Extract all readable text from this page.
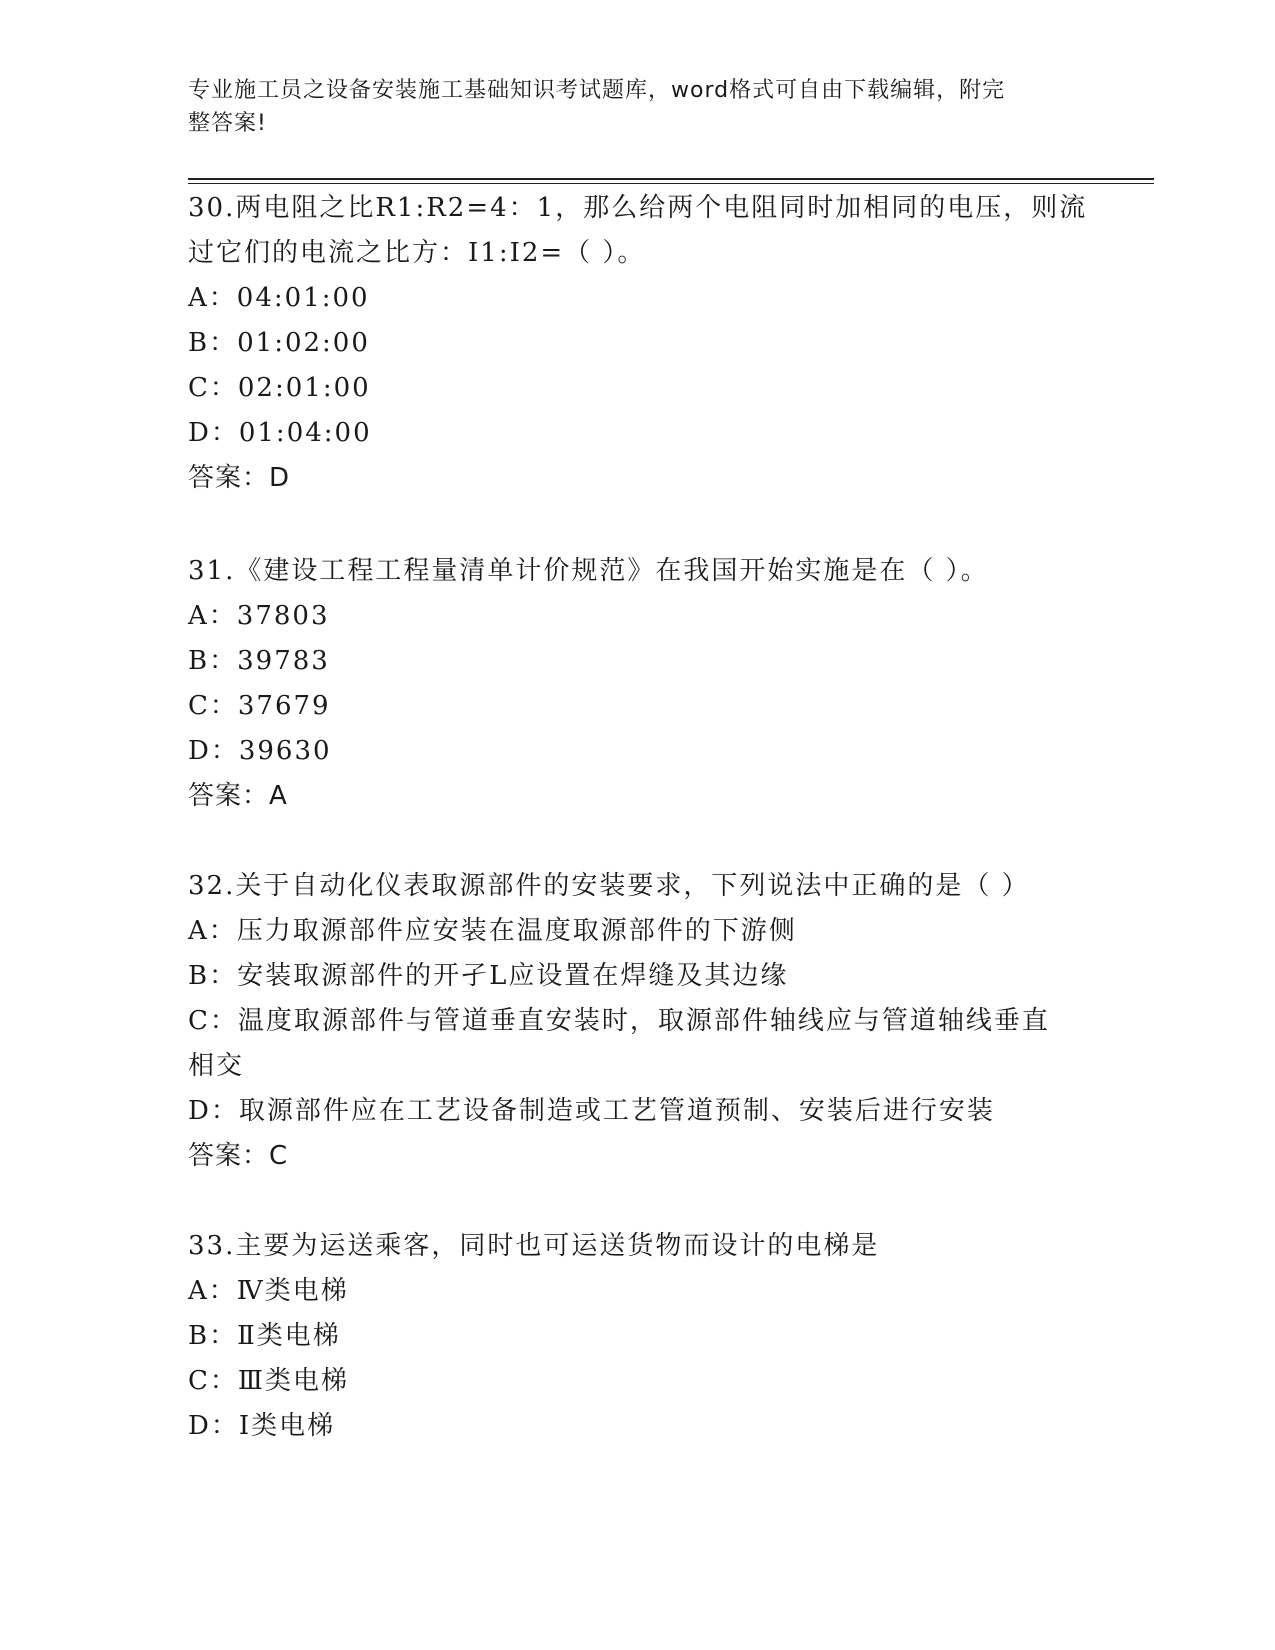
专业施工员之设备安装施工基础知识考试题库，word格式可自由下载编辑，附完
整答案!
30.两电阻之比R1:R2=4：1，那么给两个电阻同时加相同的电压，则流
过它们的电流之比方：I1:I2=（ ）。
A：04:01:00
B：01:02:00
C：02:01:00
D：01:04:00
答案：D
31.《建设工程工程量清单计价规范》在我国开始实施是在（ ）。
A：37803
B：39783
C：37679
D：39630
答案：A
32.关于自动化仪表取源部件的安装要求，下列说法中正确的是（ ）
A：压力取源部件应安装在温度取源部件的下游侧
B：安装取源部件的开孑L应设置在焊缝及其边缘
C：温度取源部件与管道垂直安装时，取源部件轴线应与管道轴线垂直
相交
D：取源部件应在工艺设备制造或工艺管道预制、安装后进行安装
答案：C
33.主要为运送乘客，同时也可运送货物而设计的电梯是
A：Ⅳ类电梯
B：Ⅱ类电梯
C：Ⅲ类电梯
D：Ⅰ类电梯
